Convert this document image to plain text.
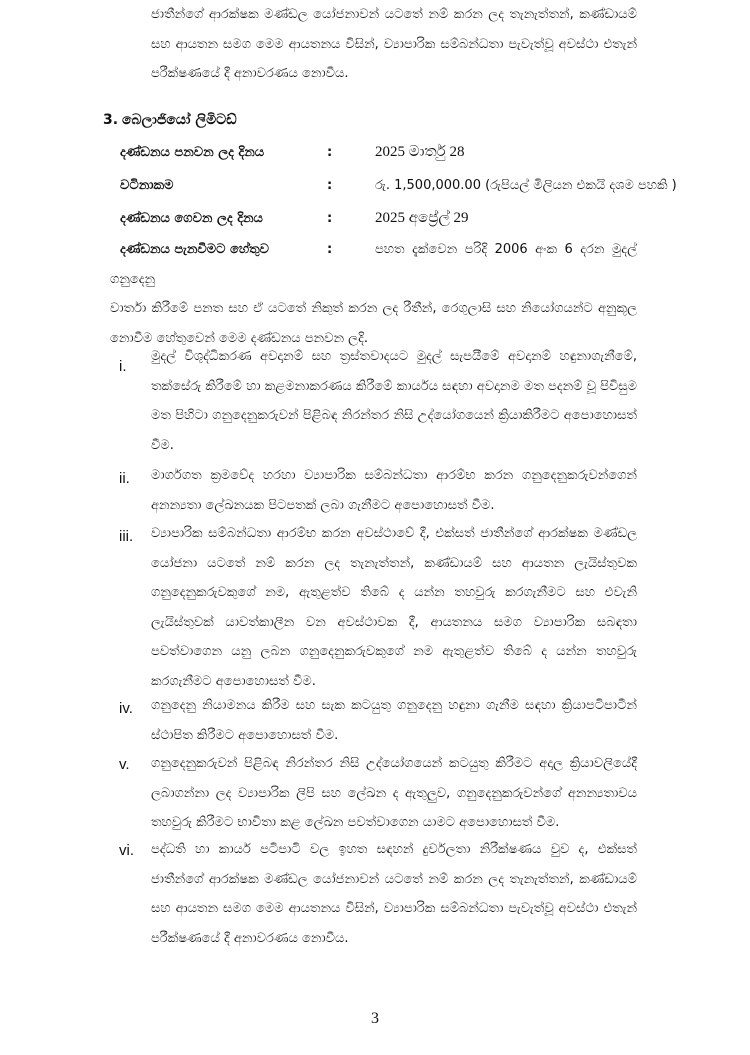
ජාතීන්ගේ ආරක්ෂක මණ්ඩල යෝජනාවන් යටතේ නම් කරන ලද තැනැත්තන්, කණ්ඩායම් සහ ආයතන සමග මෙම ආයතනය විසින්, ව්‍යාපාරික සම්බන්ධතා පැවැත්වූ අවස්ථා එතැන් පරීක්ෂණයේ දී අනාවරණය නොවීය.
3. බෙලාජියෝ ලිමිටඩ්
දණ්ඩනය පනවන ලද දිනය	:	2025 මාර්තු 28
වටිනාකම	:	රු. 1,500,000.00 (රුපියල් මිලියන එකයි දශම පහකි )
දණ්ඩනය ගෙවන ලද දිනය	:	2025 අප්‍රේල් 29
දණ්ඩනය පැනවීමට හේතුව	:	පහත දැක්වෙන පරිදි 2006 අංක 6 දරන මුදල් ගනුදෙනු
වාර්තා කිරීමේ පනත සහ ඒ යටතේ නිකුත් කරන ලද රීතීන්, රෙගුලාසි සහ නියෝගයන්ට අනුකූල නොවීම හේතුවෙන් මෙම දණ්ඩනය පනවන ලදි.
i.
මුදල් විශුද්ධිකරණ අවදානම් සහ ත්‍රස්තවාදයට මුදල් සැපයීමේ අවදානම් හඳුනාගැනීමේ, තක්සේරු කිරීමේ හා කළමනාකරණය කිරීමේ කාර්යය සඳහා අවදානම මත පදනම් වූ පිවිසුම මත පිහිටා ගනුදෙනුකරුවන් පිළිබඳ නිරන්තර නිසි උද්යෝගයෙන් ක්‍රියාකිරීමට අපොහොසත් වීම.
ii. මාර්ගගත ක්‍රමවේද හරහා ව්‍යාපාරික සම්බන්ධතා ආරම්භ කරන ගනුදෙනුකරුවන්ගෙන් අනන්‍යතා ලේඛනයක පිටපතක් ලබා ගැනීමට අපොහොසත් වීම.
iii. ව්‍යාපාරික සම්බන්ධතා ආරම්භ කරන අවස්ථාවේ දී, එක්සත් ජාතීන්ගේ ආරක්ෂක මණ්ඩල යෝජනා යටතේ නම් කරන ලද තැනැත්තන්, කණ්ඩායම් සහ ආයතන ලැයිස්තුවක ගනුදෙනුකරුවකුගේ නම, ඇතුළත්ව තිබේ ද යන්න තහවුරු කරගැනීමට සහ එවැනි ලැයිස්තුවක් යාවත්කාලීන වන අවස්ථාවක දී, ආයතනය සමග ව්‍යාපාරික සබඳතා පවත්වාගෙන යනු ලබන ගනුදෙනුකරුවකුගේ නම ඇතුළත්ව තිබේ ද යන්න තහවුරු කරගැනීමට අපොහොසත් වීම.
iv. ගනුදෙනු නියාමනය කිරීම සහ සැක කටයුතු ගනුදෙනු හඳුනා ගැනීම සඳහා ක්‍රියාපටිපාටීන් ස්ථාපිත කිරීමට අපොහොසත් වීම.
v. ගනුදෙනුකරුවන් පිළිබඳ නිරන්තර නිසි උද්යෝගයෙන් කටයුතු කිරීමට අදාල ක්‍රියාවලියේදී ලබාගන්නා ලද ව්‍යාපාරික ලිපි සහ ලේඛන ද ඇතුලුව, ගනුදෙනුකරුවන්ගේ අනන්‍යතාවය තහවුරු කිරීමට භාවිතා කළ ලේඛන පවත්වාගෙන යාමට අපොහොසත් වීම.
vi. පද්ධති හා කාර්ය පටිපාටි වල ඉහත සඳහන් දුර්වලතා නිරීක්ෂණය වුව ද, එක්සත් ජාතීන්ගේ ආරක්ෂක මණ්ඩල යෝජනාවන් යටතේ නම් කරන ලද තැනැත්තන්, කණ්ඩායම් සහ ආයතන සමග මෙම ආයතනය විසින්, ව්‍යාපාරික සම්බන්ධතා පැවැත්වූ අවස්ථා එතැන් පරීක්ෂණයේ දී අනාවරණය නොවීය.
3
